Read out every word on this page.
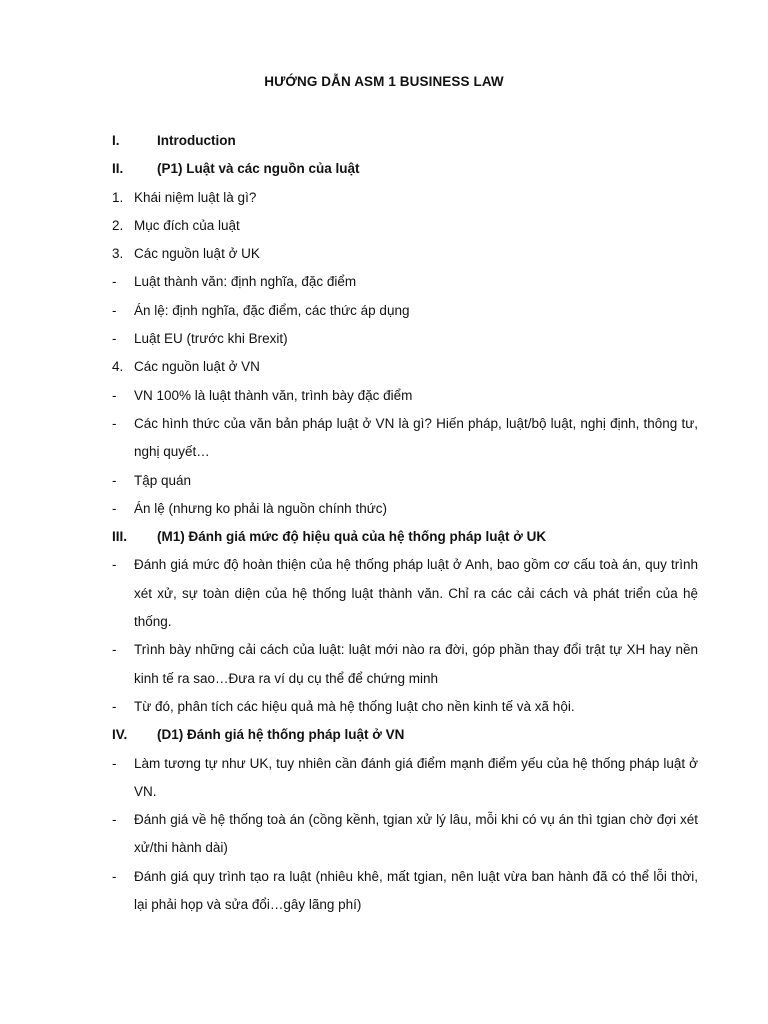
HƯỚNG DẪN ASM 1 BUSINESS LAW
I.	Introduction
II.	(P1) Luật và các nguồn của luật
1. Khái niệm luật là gì?
2. Mục đích của luật
3. Các nguồn luật ở UK
-	Luật thành văn: định nghĩa, đặc điểm
-	Án lệ: định nghĩa, đặc điểm, các thức áp dụng
-	Luật EU (trước khi Brexit)
4. Các nguồn luật ở VN
-	VN 100% là luật thành văn, trình bày đặc điểm
-	Các hình thức của văn bản pháp luật ở VN là gì? Hiến pháp, luật/bộ luật, nghị định, thông tư, nghị quyết…
-	Tập quán
-	Án lệ (nhưng ko phải là nguồn chính thức)
III.	(M1) Đánh giá mức độ hiệu quả của hệ thống pháp luật ở UK
-	Đánh giá mức độ hoàn thiện của hệ thống pháp luật ở Anh, bao gồm cơ cấu toà án, quy trình xét xử, sự toàn diện của hệ thống luật thành văn. Chỉ ra các cải cách và phát triển của hệ thống.
-	Trình bày những cải cách của luật: luật mới nào ra đời, góp phần thay đổi trật tự XH hay nền kinh tế ra sao…Đưa ra ví dụ cụ thể để chứng minh
-	Từ đó, phân tích các hiệu quả mà hệ thống luật cho nền kinh tế và xã hội.
IV.	(D1) Đánh giá hệ thống pháp luật ở VN
-	Làm tương tự như UK, tuy nhiên cần đánh giá điểm mạnh điểm yếu của hệ thống pháp luật ở VN.
-	Đánh giá về hệ thống toà án (cồng kềnh, tgian xử lý lâu, mỗi khi có vụ án thì tgian chờ đợi xét xử/thi hành dài)
-	Đánh giá quy trình tạo ra luật (nhiêu khê, mất tgian, nên luật vừa ban hành đã có thể lỗi thời, lại phải họp và sửa đổi…gây lãng phí)
